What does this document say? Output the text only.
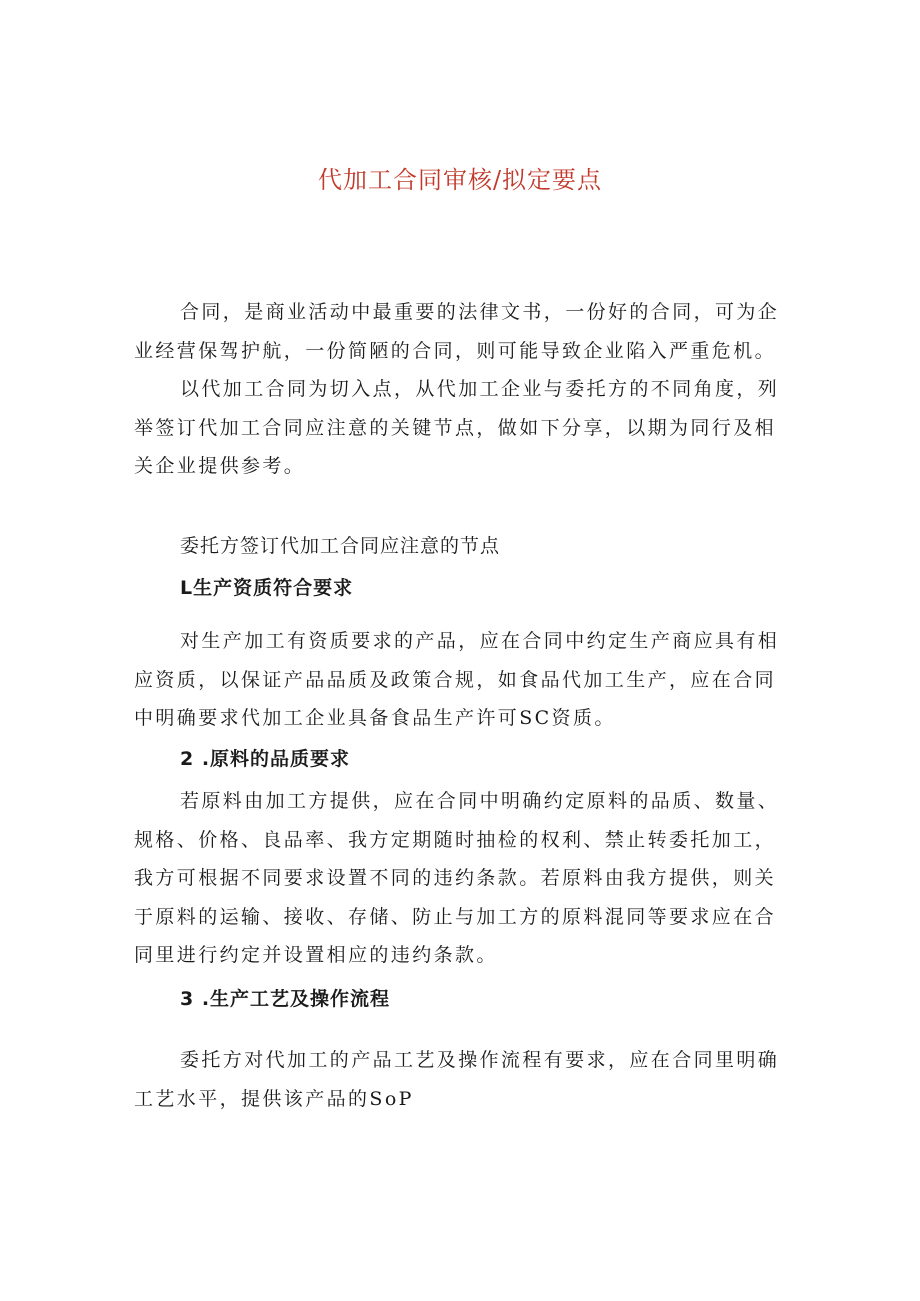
代加工合同审核/拟定要点

合同，是商业活动中最重要的法律文书，一份好的合同，可为企业经营保驾护航，一份简陋的合同，则可能导致企业陷入严重危机。

以代加工合同为切入点，从代加工企业与委托方的不同角度，列举签订代加工合同应注意的关键节点，做如下分享，以期为同行及相关企业提供参考。

委托方签订代加工合同应注意的节点
L生产资质符合要求

对生产加工有资质要求的产品，应在合同中约定生产商应具有相应资质，以保证产品品质及政策合规，如食品代加工生产，应在合同中明确要求代加工企业具备食品生产许可SC资质。

2 .原料的品质要求

若原料由加工方提供，应在合同中明确约定原料的品质、数量、规格、价格、良品率、我方定期随时抽检的权利、禁止转委托加工，我方可根据不同要求设置不同的违约条款。若原料由我方提供，则关于原料的运输、接收、存储、防止与加工方的原料混同等要求应在合同里进行约定并设置相应的违约条款。

3 .生产工艺及操作流程

委托方对代加工的产品工艺及操作流程有要求，应在合同里明确工艺水平，提供该产品的SoP
